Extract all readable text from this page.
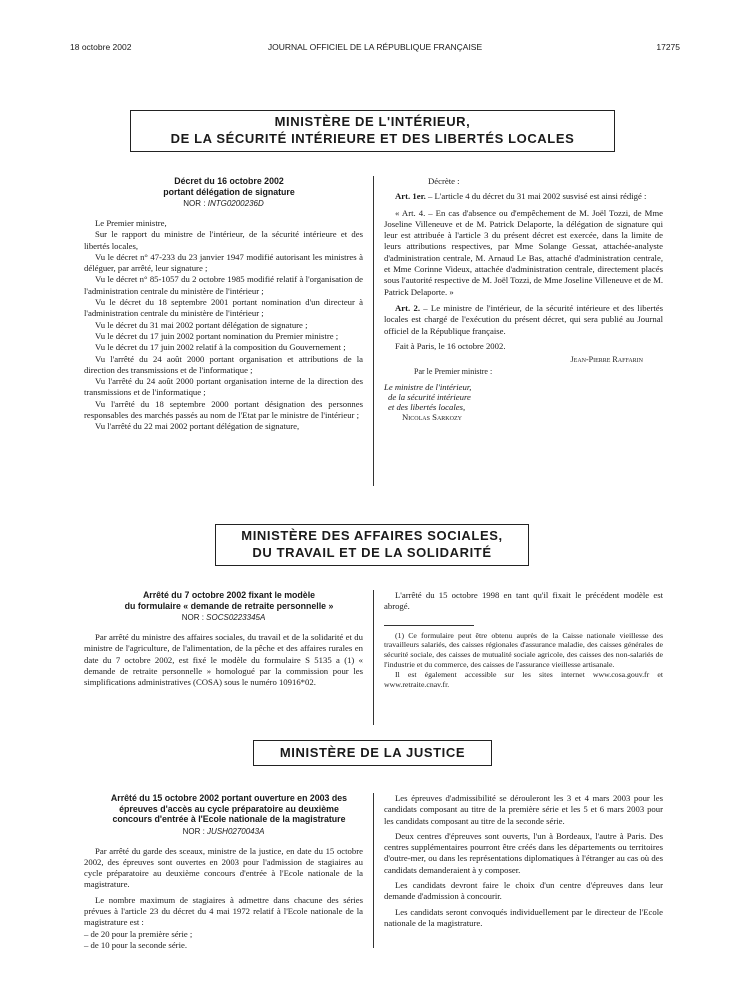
18 octobre 2002	JOURNAL OFFICIEL DE LA RÉPUBLIQUE FRANÇAISE	17275
MINISTÈRE DE L'INTÉRIEUR,
DE LA SÉCURITÉ INTÉRIEURE ET DES LIBERTÉS LOCALES

Décret du 16 octobre 2002

portant délégation de signature

NOR : INTG0200236D

Le Premier ministre,

Sur le rapport du ministre de l'intérieur, de la sécurité intérieure et des libertés locales,

Vu le décret n° 47-233 du 23 janvier 1947 modifié autorisant les ministres à déléguer, par arrêté, leur signature ;

Vu le décret n° 85-1057 du 2 octobre 1985 modifié relatif à l'organisation de l'administration centrale du ministère de l'intérieur ;

Vu le décret du 18 septembre 2001 portant nomination d'un directeur à l'administration centrale du ministère de l'intérieur ;

Vu le décret du 31 mai 2002 portant délégation de signature ;

Vu le décret du 17 juin 2002 portant nomination du Premier ministre ;

Vu le décret du 17 juin 2002 relatif à la composition du Gouvernement ;

Vu l'arrêté du 24 août 2000 portant organisation et attributions de la direction des transmissions et de l'informatique ;

Vu l'arrêté du 24 août 2000 portant organisation interne de la direction des transmissions et de l'informatique ;

Vu l'arrêté du 18 septembre 2000 portant désignation des personnes responsables des marchés passés au nom de l'Etat par le ministre de l'intérieur ;

Vu l'arrêté du 22 mai 2002 portant délégation de signature,

Décrète :

Art. 1er. – L'article 4 du décret du 31 mai 2002 susvisé est ainsi rédigé :

« Art. 4. – En cas d'absence ou d'empêchement de M. Joël Tozzi, de Mme Joseline Villeneuve et de M. Patrick Delaporte, la délégation de signature qui leur est attribuée à l'article 3 du présent décret est exercée, dans la limite de leurs attributions respectives, par Mme Solange Gessat, attachée-analyste d'administration centrale, M. Arnaud Le Bas, attaché d'administration centrale, et Mme Corinne Videux, attachée d'administration centrale, directement placés sous l'autorité respective de M. Joël Tozzi, de Mme Joseline Villeneuve et de M. Patrick Delaporte. »

Art. 2. – Le ministre de l'intérieur, de la sécurité intérieure et des libertés locales est chargé de l'exécution du présent décret, qui sera publié au Journal officiel de la République française.

Fait à Paris, le 16 octobre 2002.

Jean-Pierre Raffarin
Par le Premier ministre :
Le ministre de l'intérieur,
de la sécurité intérieure
et des libertés locales,
Nicolas Sarkozy
MINISTÈRE DES AFFAIRES SOCIALES,
DU TRAVAIL ET DE LA SOLIDARITÉ

Arrêté du 7 octobre 2002 fixant le modèle

du formulaire « demande de retraite personnelle »

NOR : SOCS0223345A

Par arrêté du ministre des affaires sociales, du travail et de la solidarité et du ministre de l'agriculture, de l'alimentation, de la pêche et des affaires rurales en date du 7 octobre 2002, est fixé le modèle du formulaire S 5135 a (1) « demande de retraite personnelle » homologué par la commission pour les simplifications administratives (COSA) sous le numéro 10916*02.

L'arrêté du 15 octobre 1998 en tant qu'il fixait le précédent modèle est abrogé.

(1) Ce formulaire peut être obtenu auprès de la Caisse nationale vieillesse des travailleurs salariés, des caisses régionales d'assurance maladie, des caisses générales de sécurité sociale, des caisses de mutualité sociale agricole, des caisses des non-salariés de l'industrie et du commerce, des caisses de l'assurance vieillesse artisanale.

Il est également accessible sur les sites internet www.cosa.gouv.fr et www.retraite.cnav.fr.

MINISTÈRE DE LA JUSTICE

Arrêté du 15 octobre 2002 portant ouverture en 2003 des

épreuves d'accès au cycle préparatoire au deuxième

concours d'entrée à l'Ecole nationale de la magistrature

NOR : JUSH0270043A

Par arrêté du garde des sceaux, ministre de la justice, en date du 15 octobre 2002, des épreuves sont ouvertes en 2003 pour l'admission de stagiaires au cycle préparatoire au deuxième concours d'entrée à l'Ecole nationale de la magistrature.

Le nombre maximum de stagiaires à admettre dans chacune des séries prévues à l'article 23 du décret du 4 mai 1972 relatif à l'Ecole nationale de la magistrature est :

– de 20 pour la première série ;

– de 10 pour la seconde série.

Les épreuves d'admissibilité se dérouleront les 3 et 4 mars 2003 pour les candidats composant au titre de la première série et les 5 et 6 mars 2003 pour les candidats composant au titre de la seconde série.

Deux centres d'épreuves sont ouverts, l'un à Bordeaux, l'autre à Paris. Des centres supplémentaires pourront être créés dans les départements ou territoires d'outre-mer, ou dans les représentations diplomatiques à l'étranger au cas où des candidats demanderaient à y composer.

Les candidats devront faire le choix d'un centre d'épreuves dans leur demande d'admission à concourir.

Les candidats seront convoqués individuellement par le directeur de l'Ecole nationale de la magistrature.
